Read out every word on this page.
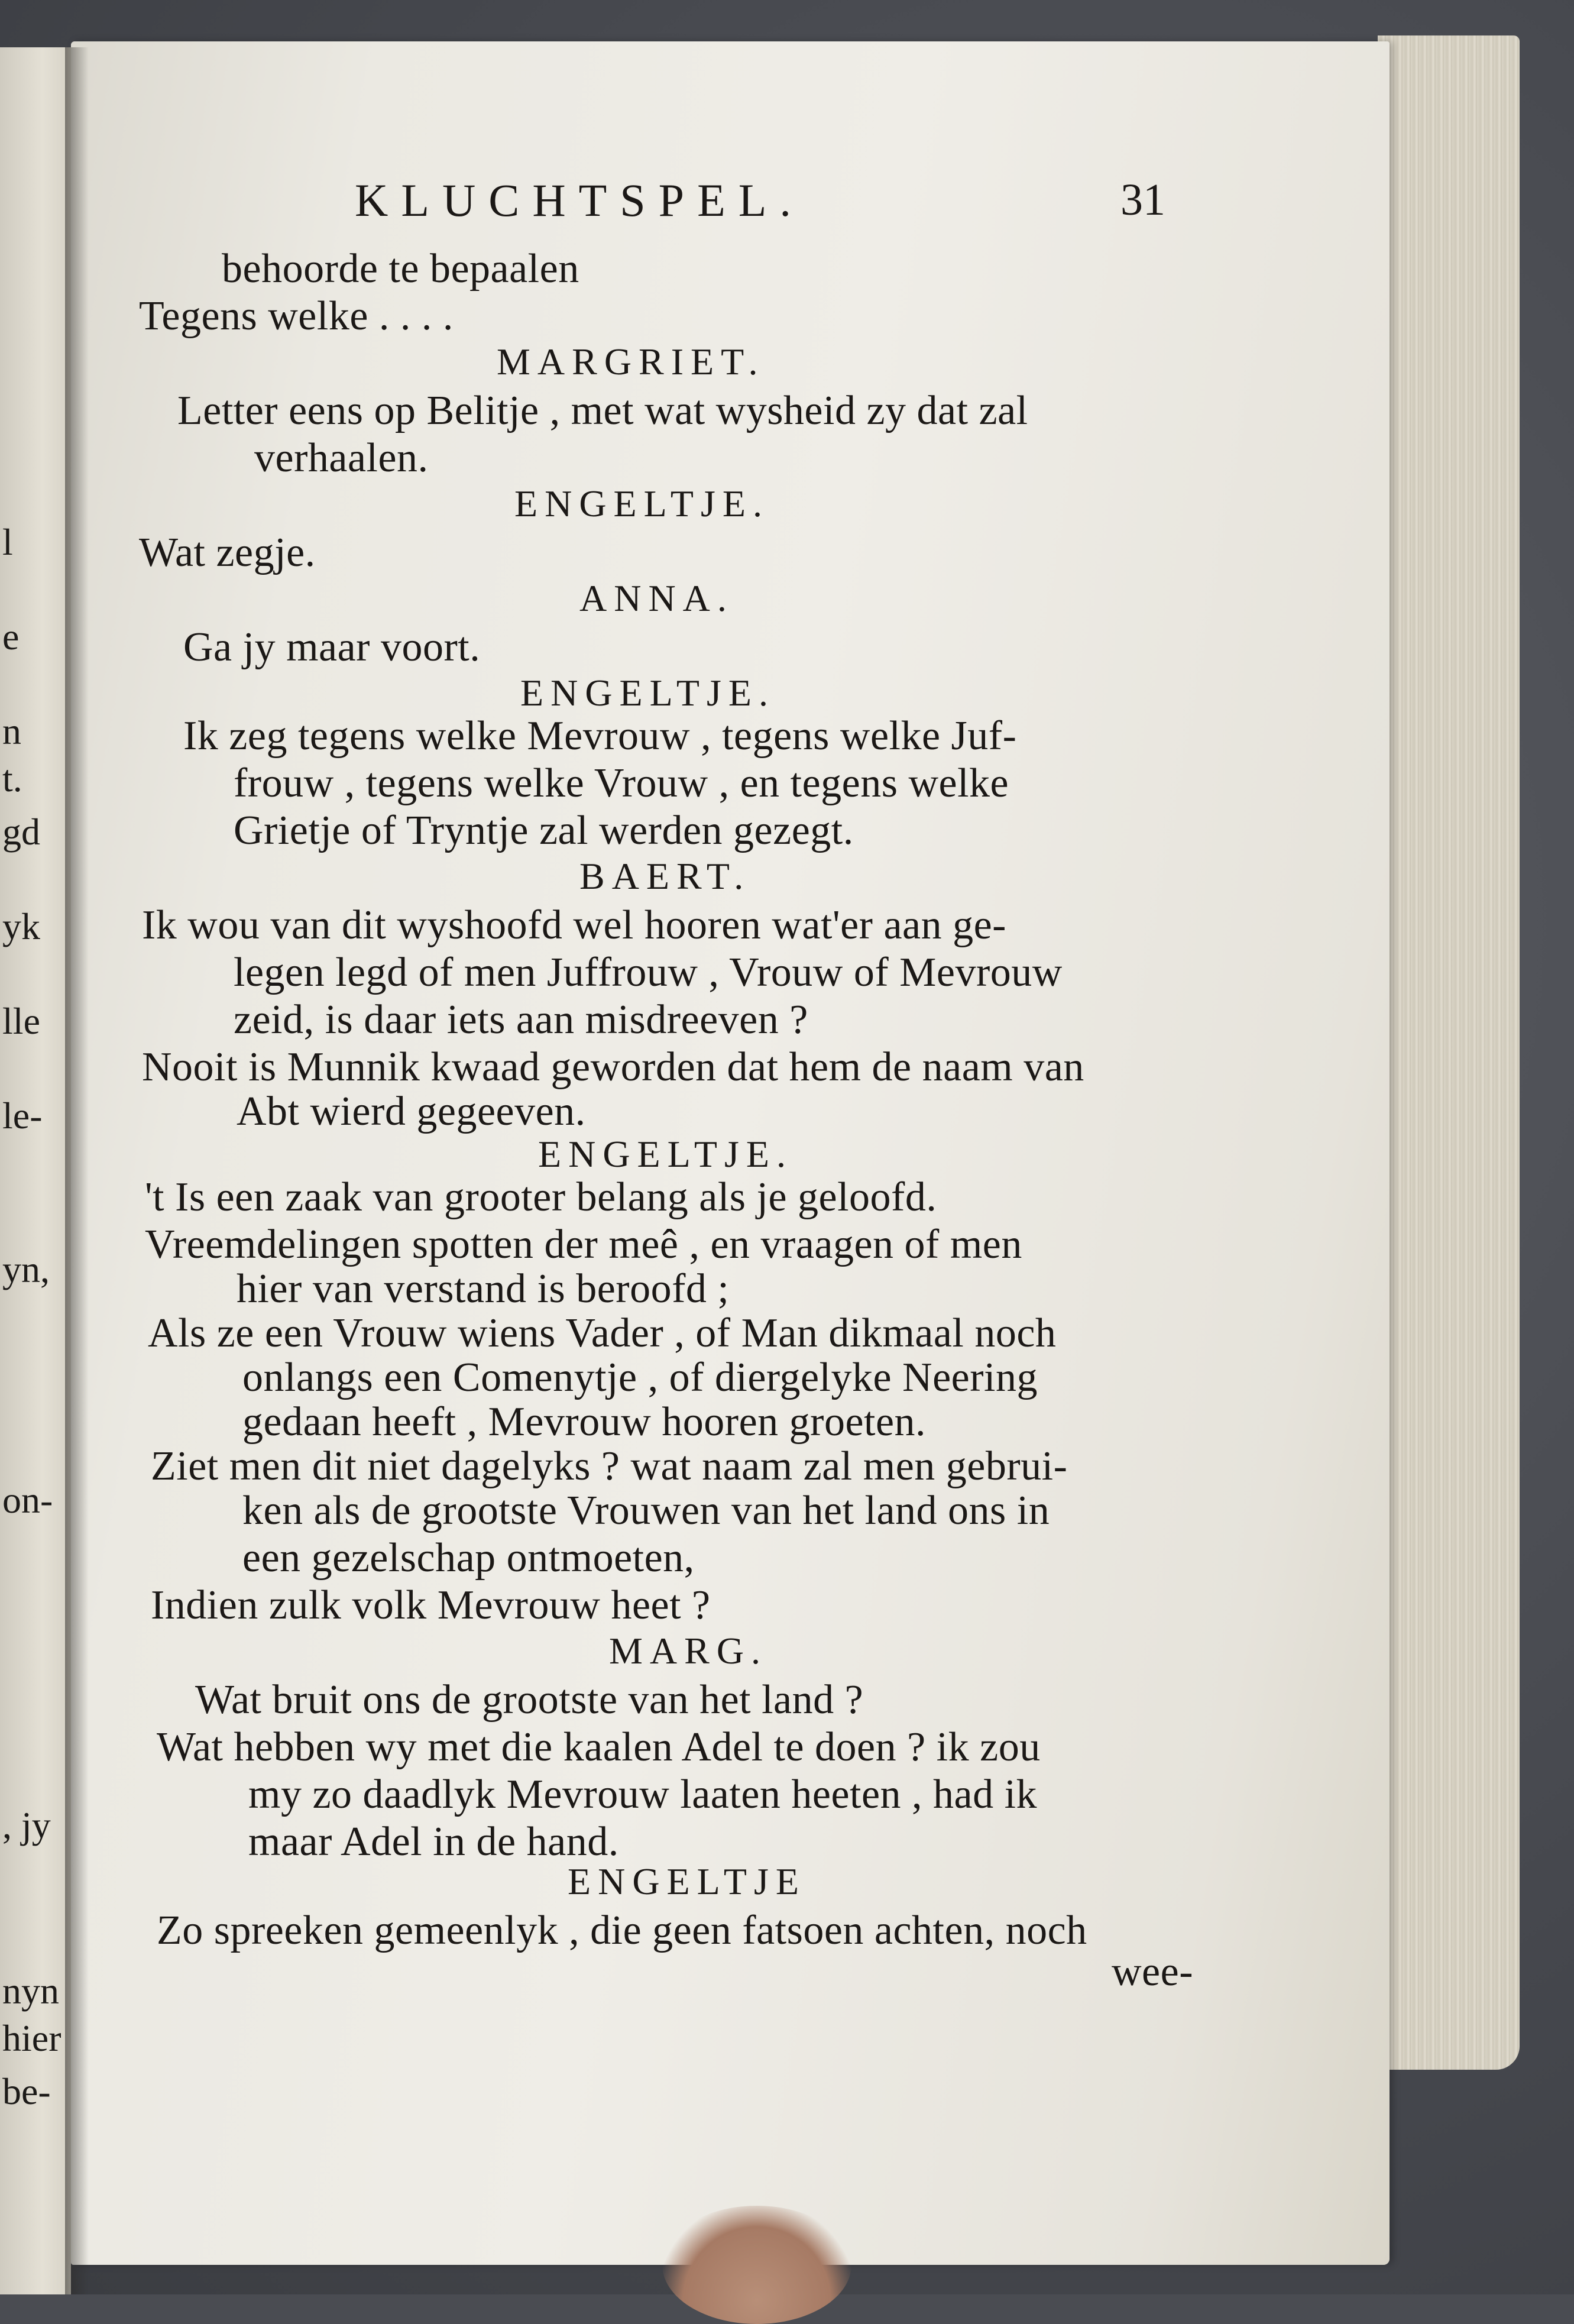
l
e
n
t.
gd
yk
lle
le-
yn,
on-
, jy
nyn
hier
be-
KLUCHTSPEL.	31
behoorde te bepaalen
Tegens welke . . . .
MARGRIET.
Letter eens op Belitje , met wat wysheid zy dat zal
verhaalen.
ENGELTJE.
Wat zegje.
ANNA.
Ga jy maar voort.
ENGELTJE.
Ik zeg tegens welke Mevrouw , tegens welke Juf-
frouw , tegens welke Vrouw , en tegens welke
Grietje of Tryntje zal werden gezegt.
BAERT.
Ik wou van dit wyshoofd wel hooren wat'er aan ge-
legen legd of men Juffrouw , Vrouw of Mevrouw
zeid, is daar iets aan misdreeven ?
Nooit is Munnik kwaad geworden dat hem de naam van
Abt wierd gegeeven.
ENGELTJE.
't Is een zaak van grooter belang als je geloofd.
Vreemdelingen spotten der meê , en vraagen of men
hier van verstand is beroofd ;
Als ze een Vrouw wiens Vader , of Man dikmaal noch
onlangs een Comenytje , of diergelyke Neering
gedaan heeft , Mevrouw hooren groeten.
Ziet men dit niet dagelyks ? wat naam zal men gebrui-
ken als de grootste Vrouwen van het land ons in
een gezelschap ontmoeten,
Indien zulk volk Mevrouw heet ?
MARG.
Wat bruit ons de grootste van het land ?
Wat hebben wy met die kaalen Adel te doen ? ik zou
my zo daadlyk Mevrouw laaten heeten , had ik
maar Adel in de hand.
ENGELTJE
Zo spreeken gemeenlyk , die geen fatsoen achten, noch
wee-
